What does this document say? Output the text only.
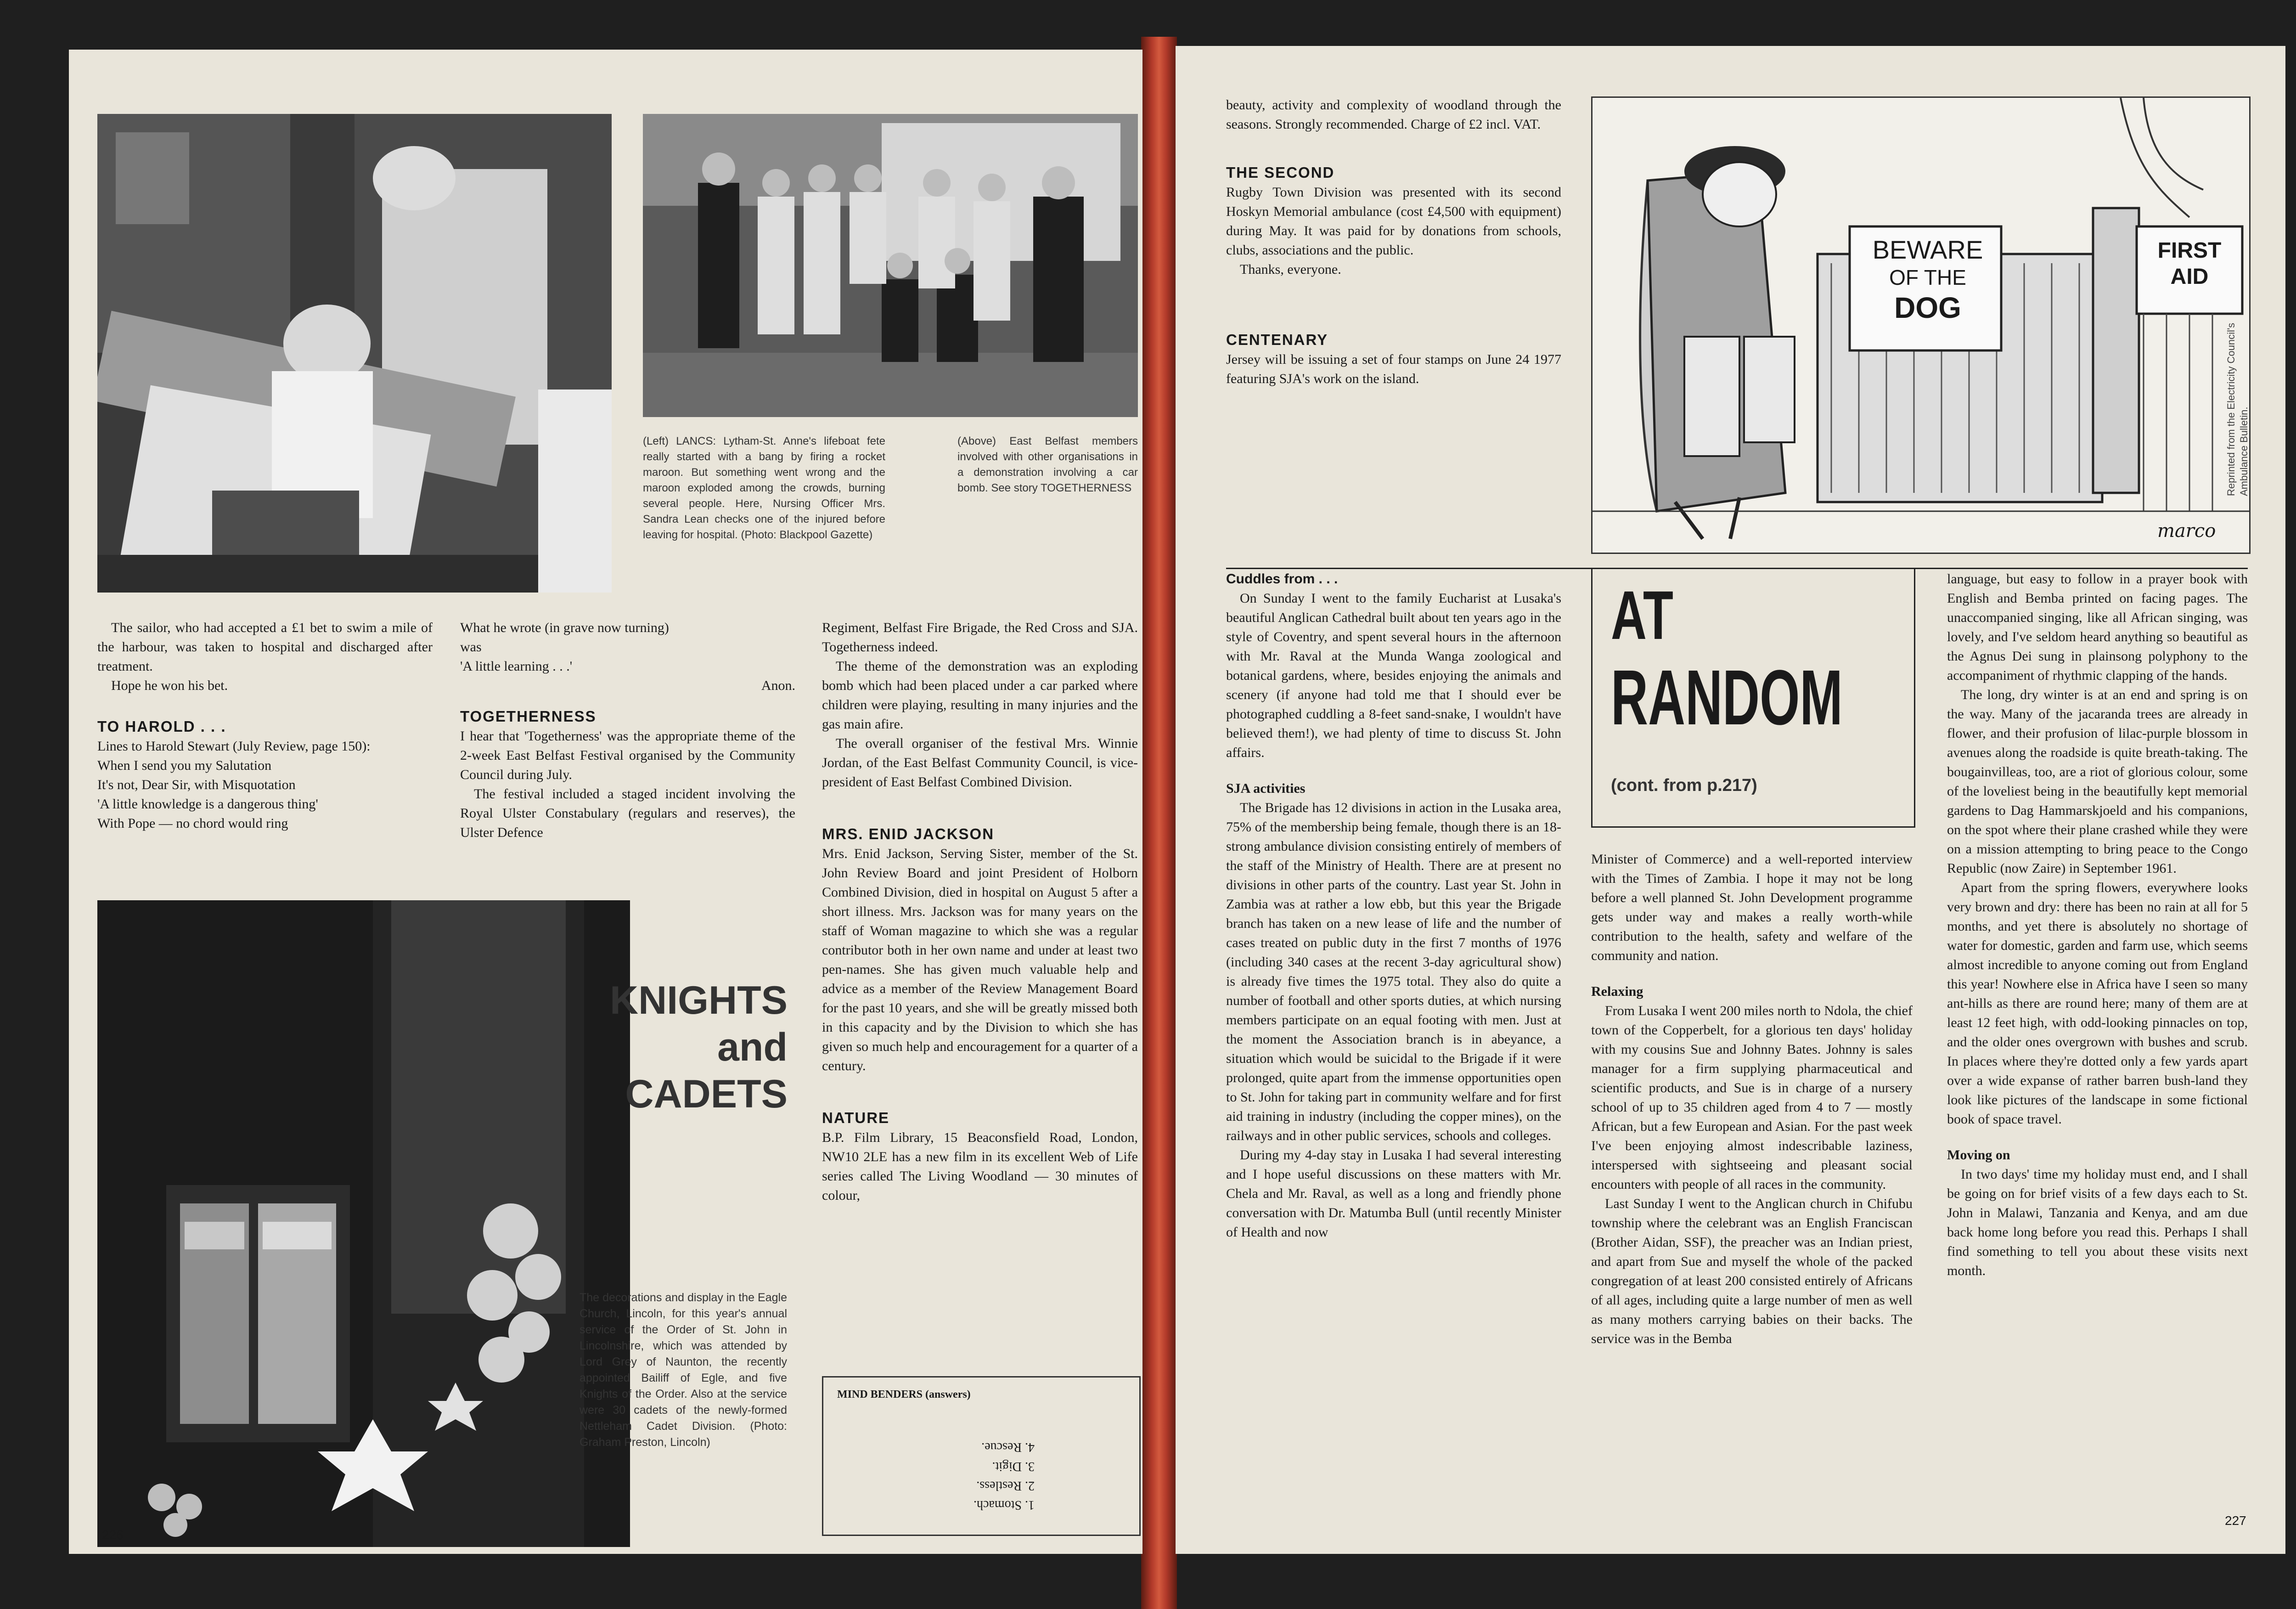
(Left) LANCS: Lytham-St. Anne's lifeboat fete really started with a bang by firing a rocket maroon. But something went wrong and the maroon exploded among the crowds, burning several people. Here, Nursing Officer Mrs. Sandra Lean checks one of the injured before leaving for hospital. (Photo: Blackpool Gazette)
(Above) East Belfast members involved with other organisations in a demonstration involving a car bomb. See story TOGETHERNESS

The sailor, who had accepted a £1 bet to swim a mile of the harbour, was taken to hospital and discharged after treatment.

Hope he won his bet.

TO HAROLD . . .

Lines to Harold Stewart (July Review, page 150):

When I send you my Salutation

It's not, Dear Sir, with Misquotation

'A little knowledge is a dangerous thing'

With Pope — no chord would ring

What he wrote (in grave now turning)

was

'A little learning . . .'

Anon.

TOGETHERNESS

I hear that 'Togetherness' was the appropriate theme of the 2-week East Belfast Festival organised by the Community Council during July.

The festival included a staged incident involving the Royal Ulster Constabulary (regulars and reserves), the Ulster Defence

Regiment, Belfast Fire Brigade, the Red Cross and SJA. Togetherness indeed.

The theme of the demonstration was an exploding bomb which had been placed under a car parked where children were playing, resulting in many injuries and the gas main afire.

The overall organiser of the festival Mrs. Winnie Jordan, of the East Belfast Community Council, is vice-president of East Belfast Combined Division.

MRS. ENID JACKSON

Mrs. Enid Jackson, Serving Sister, member of the St. John Review Board and joint President of Holborn Combined Division, died in hospital on August 5 after a short illness. Mrs. Jackson was for many years on the staff of Woman magazine to which she was a regular contributor both in her own name and under at least two pen-names. She has given much valuable help and advice as a member of the Review Management Board for the past 10 years, and she will be greatly missed both in this capacity and by the Division to which she has given so much help and encouragement for a quarter of a century.

NATURE

B.P. Film Library, 15 Beaconsfield Road, London, NW10 2LE has a new film in its excellent Web of Life series called The Living Woodland — 30 minutes of colour,

KNIGHTS
and
CADETS
The decorations and display in the Eagle Church, Lincoln, for this year's annual service of the Order of St. John in Lincolnshire, which was attended by Lord Grey of Naunton, the recently appointed Bailiff of Egle, and five Knights of the Order. Also at the service were 30 cadets of the newly-formed Nettleham Cadet Division. (Photo: Graham Preston, Lincoln)
MIND BENDERS (answers)
1. Stomach.
2. Restless.
3. Digit.
4. Rescue.
226

beauty, activity and complexity of woodland through the seasons. Strongly recommended. Charge of £2 incl. VAT.

THE SECOND

Rugby Town Division was presented with its second Hoskyn Memorial ambulance (cost £4,500 with equipment) during May. It was paid for by donations from schools, clubs, associations and the public.

Thanks, everyone.

CENTENARY

Jersey will be issuing a set of four stamps on June 24 1977 featuring SJA's work on the island.

BEWARE
OF THE
DOG
FIRST
AID
marco
Reprinted from the Electricity Council's Ambulance Bulletin.

Cuddles from . . .

On Sunday I went to the family Eucharist at Lusaka's beautiful Anglican Cathedral built about ten years ago in the style of Coventry, and spent several hours in the afternoon with Mr. Raval at the Munda Wanga zoological and botanical gardens, where, besides enjoying the animals and scenery (if anyone had told me that I should ever be photographed cuddling a 8-feet sand-snake, I wouldn't have believed them!), we had plenty of time to discuss St. John affairs.

SJA activities

The Brigade has 12 divisions in action in the Lusaka area, 75% of the membership being female, though there is an 18-strong ambulance division consisting entirely of members of the staff of the Ministry of Health. There are at present no divisions in other parts of the country. Last year St. John in Zambia was at rather a low ebb, but this year the Brigade branch has taken on a new lease of life and the number of cases treated on public duty in the first 7 months of 1976 (including 340 cases at the recent 3-day agricultural show) is already five times the 1975 total. They also do quite a number of football and other sports duties, at which nursing members participate on an equal footing with men. Just at the moment the Association branch is in abeyance, a situation which would be suicidal to the Brigade if it were prolonged, quite apart from the immense opportunities open to St. John for taking part in community welfare and for first aid training in industry (including the copper mines), on the railways and in other public services, schools and colleges.

During my 4-day stay in Lusaka I had several interesting and I hope useful discussions on these matters with Mr. Chela and Mr. Raval, as well as a long and friendly phone conversation with Dr. Matumba Bull (until recently Minister of Health and now

AT
RANDOM
(cont. from p.217)

Minister of Commerce) and a well-reported interview with the Times of Zambia. I hope it may not be long before a well planned St. John Development programme gets under way and makes a really worth-while contribution to the health, safety and welfare of the community and nation.

Relaxing

From Lusaka I went 200 miles north to Ndola, the chief town of the Copperbelt, for a glorious ten days' holiday with my cousins Sue and Johnny Bates. Johnny is sales manager for a firm supplying pharmaceutical and scientific products, and Sue is in charge of a nursery school of up to 35 children aged from 4 to 7 — mostly African, but a few European and Asian. For the past week I've been enjoying almost indescribable laziness, interspersed with sightseeing and pleasant social encounters with people of all races in the community.

Last Sunday I went to the Anglican church in Chifubu township where the celebrant was an English Franciscan (Brother Aidan, SSF), the preacher was an Indian priest, and apart from Sue and myself the whole of the packed congregation of at least 200 consisted entirely of Africans of all ages, including quite a large number of men as well as many mothers carrying babies on their backs. The service was in the Bemba

language, but easy to follow in a prayer book with English and Bemba printed on facing pages. The unaccompanied singing, like all African singing, was lovely, and I've seldom heard anything so beautiful as the Agnus Dei sung in plainsong polyphony to the accompaniment of rhythmic clapping of the hands.

The long, dry winter is at an end and spring is on the way. Many of the jacaranda trees are already in flower, and their profusion of lilac-purple blossom in avenues along the roadside is quite breath-taking. The bougainvilleas, too, are a riot of glorious colour, some of the loveliest being in the beautifully kept memorial gardens to Dag Hammarskjoeld and his companions, on the spot where their plane crashed while they were on a mission attempting to bring peace to the Congo Republic (now Zaire) in September 1961.

Apart from the spring flowers, everywhere looks very brown and dry: there has been no rain at all for 5 months, and yet there is absolutely no shortage of water for domestic, garden and farm use, which seems almost incredible to anyone coming out from England this year! Nowhere else in Africa have I seen so many ant-hills as there are round here; many of them are at least 12 feet high, with odd-looking pinnacles on top, and the older ones overgrown with bushes and scrub. In places where they're dotted only a few yards apart over a wide expanse of rather barren bush-land they look like pictures of the landscape in some fictional book of space travel.

Moving on

In two days' time my holiday must end, and I shall be going on for brief visits of a few days each to St. John in Malawi, Tanzania and Kenya, and am due back home long before you read this. Perhaps I shall find something to tell you about these visits next month.

227
